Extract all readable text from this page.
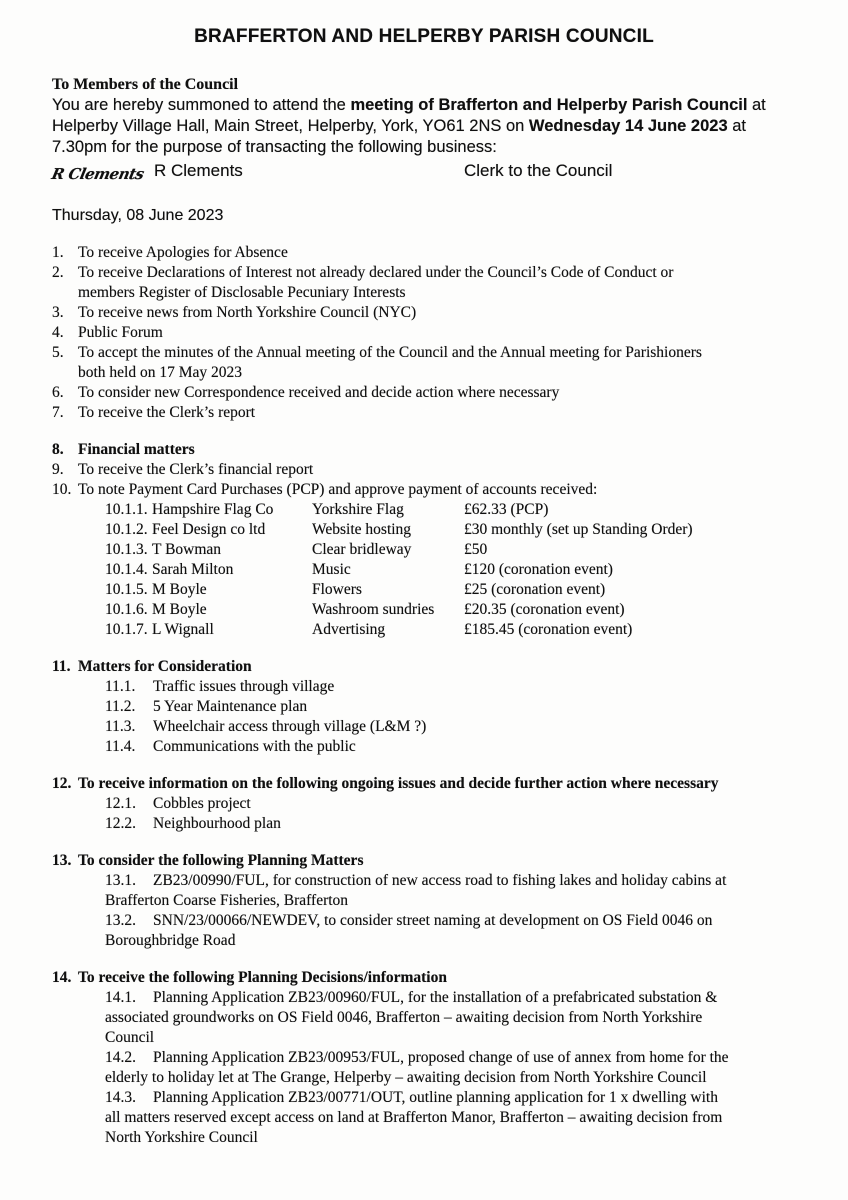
BRAFFERTON AND HELPERBY PARISH COUNCIL
To Members of the Council
You are hereby summoned to attend the meeting of Brafferton and Helperby Parish Council at
Helperby Village Hall, Main Street, Helperby, York, YO61 2NS on Wednesday 14 June 2023 at
7.30pm for the purpose of transacting the following business:
R Clements R Clements	Clerk to the Council
Thursday, 08 June 2023
1. To receive Apologies for Absence
2. To receive Declarations of Interest not already declared under the Council’s Code of Conduct or
members Register of Disclosable Pecuniary Interests
3. To receive news from North Yorkshire Council (NYC)
4. Public Forum
5. To accept the minutes of the Annual meeting of the Council and the Annual meeting for Parishioners
both held on 17 May 2023
6. To consider new Correspondence received and decide action where necessary
7. To receive the Clerk’s report
8. Financial matters
9. To receive the Clerk’s financial report
10. To note Payment Card Purchases (PCP) and approve payment of accounts received:
10.1.1. Hampshire Flag Co	Yorkshire Flag	£62.33 (PCP)
10.1.2. Feel Design co ltd	Website hosting	£30 monthly (set up Standing Order)
10.1.3. T Bowman	Clear bridleway	£50
10.1.4. Sarah Milton	Music	£120 (coronation event)
10.1.5. M Boyle	Flowers	£25 (coronation event)
10.1.6. M Boyle	Washroom sundries	£20.35 (coronation event)
10.1.7. L Wignall	Advertising	£185.45 (coronation event)
11. Matters for Consideration
11.1. Traffic issues through village
11.2. 5 Year Maintenance plan
11.3. Wheelchair access through village (L&M ?)
11.4. Communications with the public
12. To receive information on the following ongoing issues and decide further action where necessary
12.1. Cobbles project
12.2. Neighbourhood plan
13. To consider the following Planning Matters
13.1. ZB23/00990/FUL, for construction of new access road to fishing lakes and holiday cabins at
Brafferton Coarse Fisheries, Brafferton
13.2. SNN/23/00066/NEWDEV, to consider street naming at development on OS Field 0046 on
Boroughbridge Road
14. To receive the following Planning Decisions/information
14.1. Planning Application ZB23/00960/FUL, for the installation of a prefabricated substation &
associated groundworks on OS Field 0046, Brafferton – awaiting decision from North Yorkshire
Council
14.2. Planning Application ZB23/00953/FUL, proposed change of use of annex from home for the
elderly to holiday let at The Grange, Helperby – awaiting decision from North Yorkshire Council
14.3. Planning Application ZB23/00771/OUT, outline planning application for 1 x dwelling with
all matters reserved except access on land at Brafferton Manor, Brafferton – awaiting decision from
North Yorkshire Council
